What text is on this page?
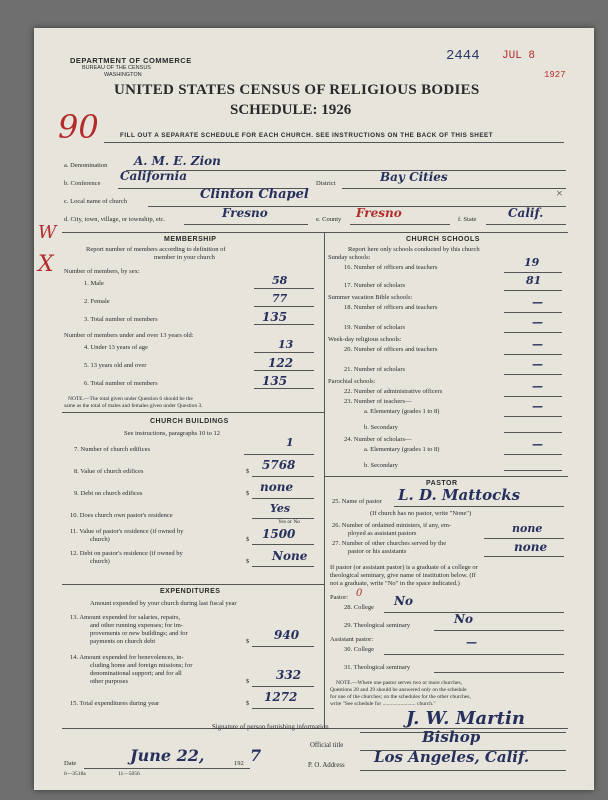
DEPARTMENT OF COMMERCE
BUREAU OF THE CENSUS
WASHINGTON
2444 JUL 8
1927
UNITED STATES CENSUS OF RELIGIOUS BODIES
SCHEDULE: 1926
90	FILL OUT A SEPARATE SCHEDULE FOR EACH CHURCH. SEE INSTRUCTIONS ON THE BACK OF THIS SHEET
a. Denomination A. M. E. Zion
b. Conference
California
District	Bay Cities
c. Local name of church	Clinton Chapel	×
d. City, town, village, or township, etc.	Fresno	e. County Fresno	f. State	Calif.
W
X
MEMBERSHIP
Report number of members according to definition of
member in your church
Number of members, by sex:
1. Male	58
2. Female	77
3. Total number of members	135
Number of members under and over 13 years old:
4. Under 13 years of age	13
5. 13 years old and over	122
6. Total number of members	135
NOTE.—The total given under Question 6 should be the
same as the total of males and females given under Question 3.
CHURCH BUILDINGS
See instructions, paragraphs 10 to 12
7. Number of church edifices
1
8. Value of church edifices	$ 5768
9. Debt on church edifices	$ none
10. Does church own pastor's residence
Yes
Yes or No
11. Value of pastor's residence (if owned by
church)	$ 1500
12. Debt on pastor's residence (if owned by
church)	$ None
EXPENDITURES
Amount expended by your church during last fiscal year
13. Amount expended for salaries, repairs,
and other running expenses; for im-
provements or new buildings; and for
payments on church debt	$ 940
14. Amount expended for benevolences, in-
cluding home and foreign missions; for
denominational support; and for all
other purposes	$ 332
15. Total expenditures during year	$ 1272
CHURCH SCHOOLS
Report here only schools conducted by this church
Sunday schools:
16. Number of officers and teachers	19
17. Number of scholars	81
Summer vacation Bible schools:
18. Number of officers and teachers	—
19. Number of scholars	—
Week-day religious schools:
20. Number of officers and teachers	—
21. Number of scholars	—
Parochial schools:
22. Number of administrative officers	—
23. Number of teachers—
a. Elementary (grades 1 to 8)	—
b. Secondary
24. Number of scholars—
a. Elementary (grades 1 to 8)	—
b. Secondary
PASTOR
25. Name of pastor L. D. Mattocks
(If church has no pastor, write "None")
26. Number of ordained ministers, if any, em-
ployed as assistant pastors	none
27. Number of other churches served by the
pastor or his assistants	none
If pastor (or assistant pastor) is a graduate of a college or
theological seminary, give name of institution below. (If
not a graduate, write "No" in the space indicated.)
Pastor: 0
28. College No
29. Theological seminary	No
Assistant pastor:
30. College
—
31. Theological seminary
NOTE.—Where one pastor serves two or more churches,
Questions 28 and 29 should be answered only on the schedule
for one of the churches; on the schedules for the other churches,
write "See schedule for ........................ church."
Signature of person furnishing information	J. W. Martin
Official title	Bishop
Date	June 22,	192 7
P. O. Address Los Angeles, Calif.
6—3518a	11—5056
